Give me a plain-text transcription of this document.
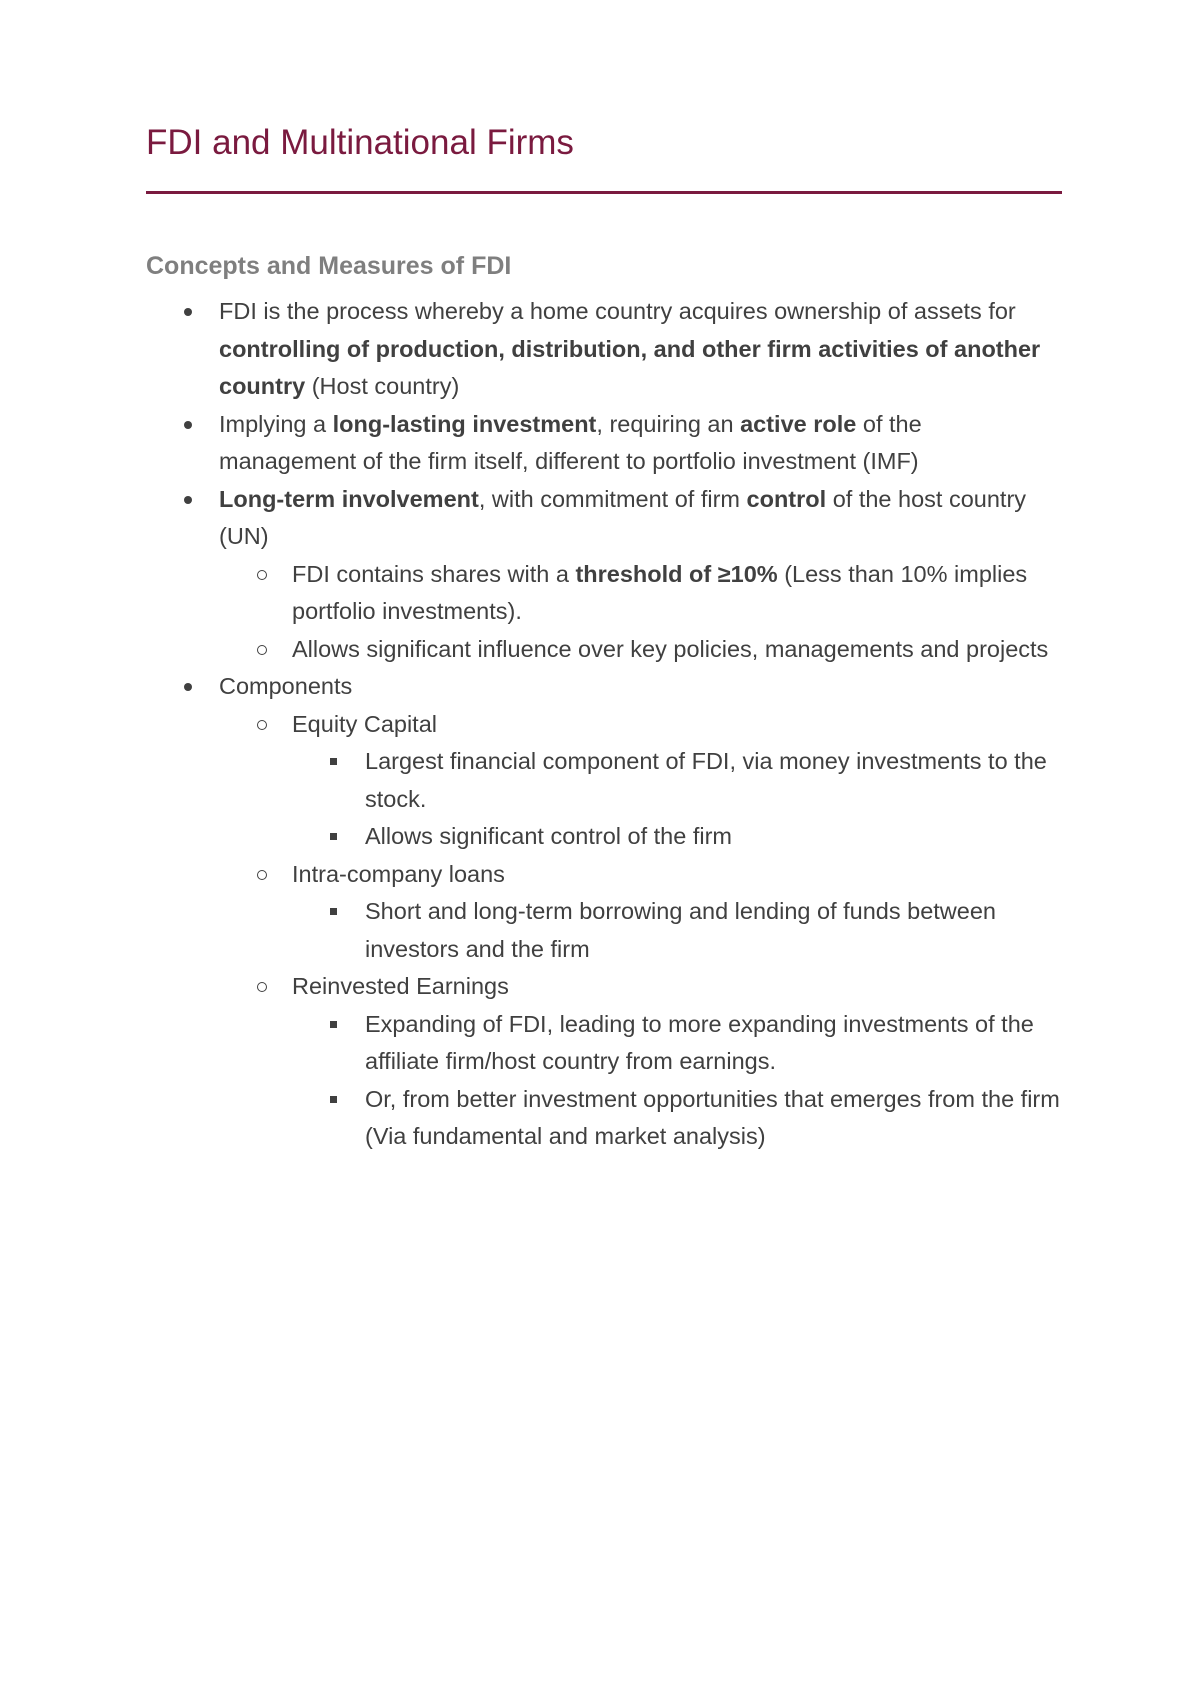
FDI and Multinational Firms
Concepts and Measures of FDI
FDI is the process whereby a home country acquires ownership of assets for controlling of production, distribution, and other firm activities of another country (Host country)
Implying a long-lasting investment, requiring an active role of the management of the firm itself, different to portfolio investment (IMF)
Long-term involvement, with commitment of firm control of the host country (UN)
FDI contains shares with a threshold of ≥10% (Less than 10% implies portfolio investments).
Allows significant influence over key policies, managements and projects
Components
Equity Capital
Largest financial component of FDI, via money investments to the stock.
Allows significant control of the firm
Intra-company loans
Short and long-term borrowing and lending of funds between investors and the firm
Reinvested Earnings
Expanding of FDI, leading to more expanding investments of the affiliate firm/host country from earnings.
Or, from better investment opportunities that emerges from the firm (Via fundamental and market analysis)
